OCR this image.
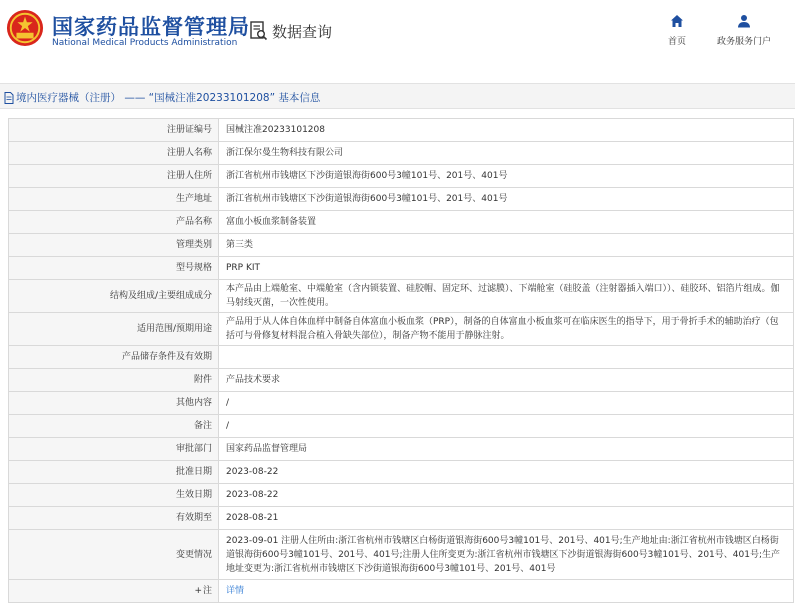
国家药品监督管理局
National Medical Products Administration
数据查询
首页	政务服务门户
境内医疗器械（注册） —— “国械注准20233101208” 基本信息
注册证编号	国械注准20233101208
注册人名称	浙江保尔曼生物科技有限公司
注册人住所	浙江省杭州市钱塘区下沙街道银海街600号3幢101号、201号、401号
生产地址	浙江省杭州市钱塘区下沙街道银海街600号3幢101号、201号、401号
产品名称	富血小板血浆制备装置
管理类别	第三类
型号规格	PRP KIT
结构及组成/主要组成成分	本产品由上端舱室、中端舱室（含内锁装置、硅胶帽、固定环、过滤膜）、下端舱室（硅胶盖（注射器插入端口））、硅胶环、铝箔片组成。伽马射线灭菌，一次性使用。
适用范围/预期用途	产品用于从人体自体血样中制备自体富血小板血浆（PRP），制备的自体富血小板血浆可在临床医生的指导下，用于骨折手术的辅助治疗（包括可与骨修复材料混合植入骨缺失部位），制备产物不能用于静脉注射。
产品储存条件及有效期	
附件	产品技术要求
其他内容	/
备注	/
审批部门	国家药品监督管理局
批准日期	2023-08-22
生效日期	2023-08-22
有效期至	2028-08-21
变更情况	2023-09-01 注册人住所由:浙江省杭州市钱塘区白杨街道银海街600号3幢101号、201号、401号;生产地址由:浙江省杭州市钱塘区白杨街道银海街600号3幢101号、201号、401号;注册人住所变更为:浙江省杭州市钱塘区下沙街道银海街600号3幢101号、201号、401号;生产地址变更为:浙江省杭州市钱塘区下沙街道银海街600号3幢101号、201号、401号
+注	详情
